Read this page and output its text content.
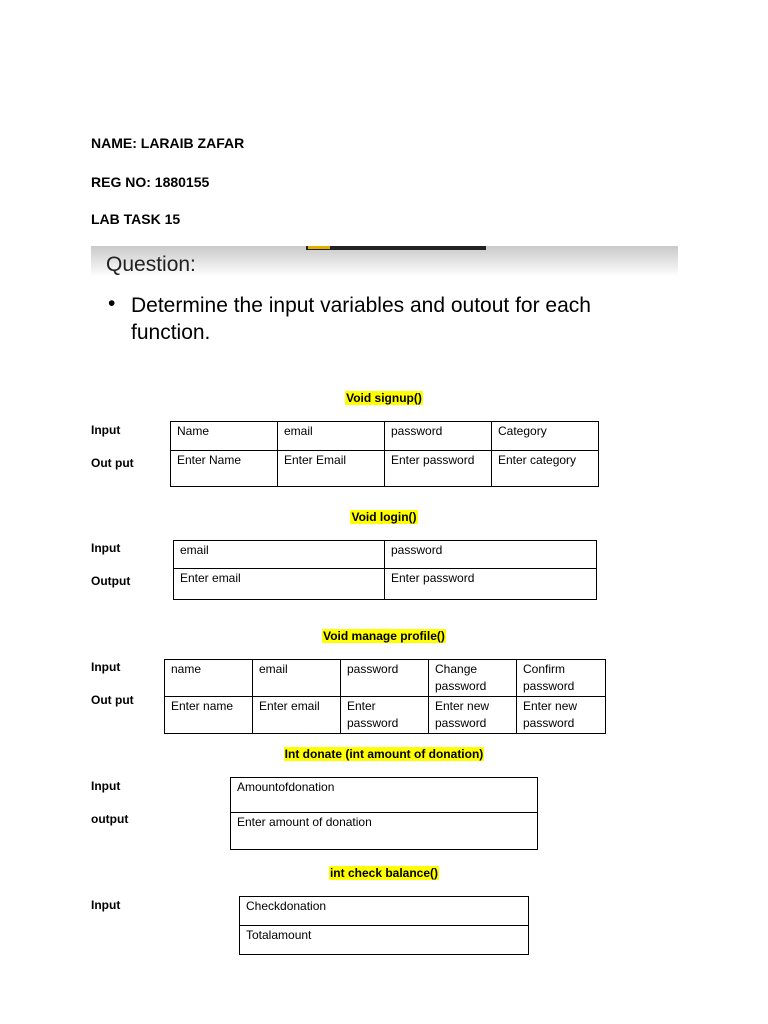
NAME: LARAIB ZAFAR
REG NO: 1880155
LAB TASK 15
Question:
• Determine the input variables and outout for each function.
Void signup()
Input
Out put
Name	email	password	Category
Enter Name	Enter Email	Enter password	Enter category
Void login()
Input
Output
email	password
Enter email	Enter password
Void manage profile()
Input
Out put
name	email	password	Change password	Confirm password
Enter name	Enter email	Enter password	Enter new password	Enter new password
Int donate (int amount of donation)
Input
output
Amountofdonation
Enter amount of donation
int check balance()
Input	Checkdonation
Totalamount
